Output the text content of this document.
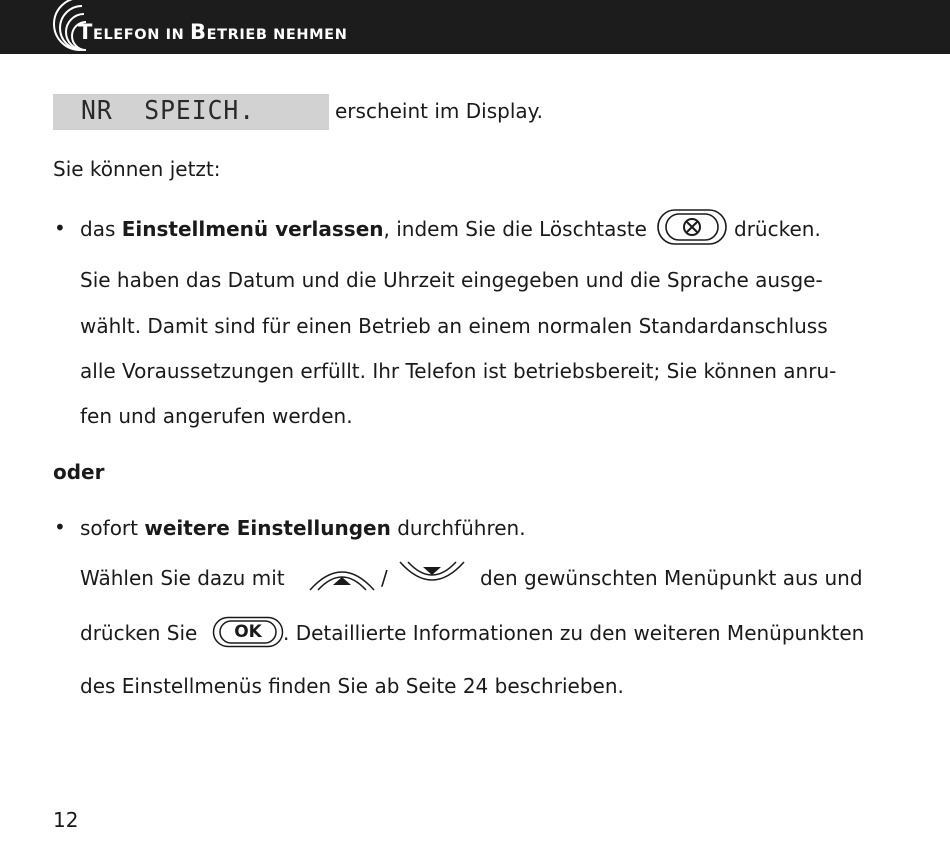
TELEFON IN BETRIEB NEHMEN
NR  SPEICH.	erscheint im Display.
Sie können jetzt:
• das Einstellmenü verlassen, indem Sie die Löschtaste	drücken.
Sie haben das Datum und die Uhrzeit eingegeben und die Sprache ausge-
wählt. Damit sind für einen Betrieb an einem normalen Standardanschluss
alle Voraussetzungen erfüllt. Ihr Telefon ist betriebsbereit; Sie können anru-
fen und angerufen werden.
oder
• sofort weitere Einstellungen durchführen.
Wählen Sie dazu mit	/	den gewünschten Menüpunkt aus und
drücken Sie	OK	. Detaillierte Informationen zu den weiteren Menüpunkten
des Einstellmenüs finden Sie ab Seite 24 beschrieben.
12
